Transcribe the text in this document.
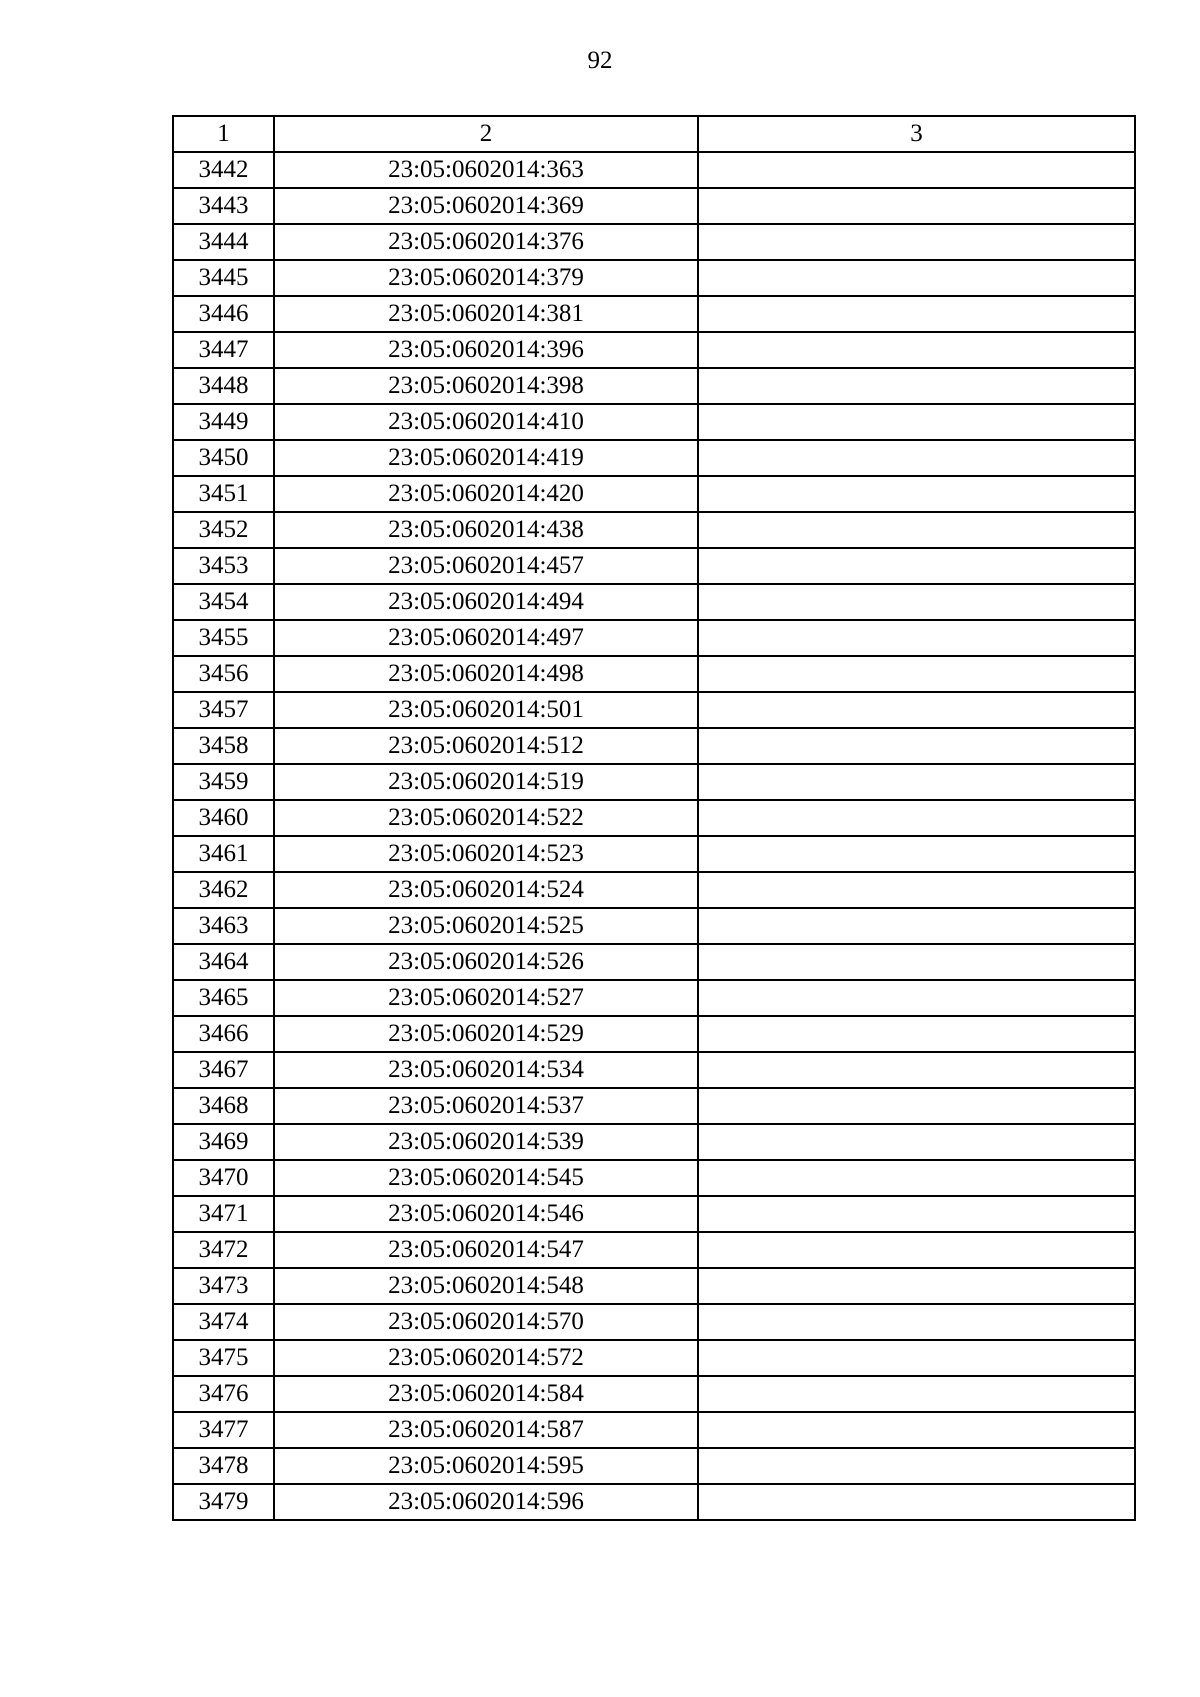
92
1	2	3
3442	23:05:0602014:363	
3443	23:05:0602014:369	
3444	23:05:0602014:376	
3445	23:05:0602014:379	
3446	23:05:0602014:381	
3447	23:05:0602014:396	
3448	23:05:0602014:398	
3449	23:05:0602014:410	
3450	23:05:0602014:419	
3451	23:05:0602014:420	
3452	23:05:0602014:438	
3453	23:05:0602014:457	
3454	23:05:0602014:494	
3455	23:05:0602014:497	
3456	23:05:0602014:498	
3457	23:05:0602014:501	
3458	23:05:0602014:512	
3459	23:05:0602014:519	
3460	23:05:0602014:522	
3461	23:05:0602014:523	
3462	23:05:0602014:524	
3463	23:05:0602014:525	
3464	23:05:0602014:526	
3465	23:05:0602014:527	
3466	23:05:0602014:529	
3467	23:05:0602014:534	
3468	23:05:0602014:537	
3469	23:05:0602014:539	
3470	23:05:0602014:545	
3471	23:05:0602014:546	
3472	23:05:0602014:547	
3473	23:05:0602014:548	
3474	23:05:0602014:570	
3475	23:05:0602014:572	
3476	23:05:0602014:584	
3477	23:05:0602014:587	
3478	23:05:0602014:595	
3479	23:05:0602014:596	
